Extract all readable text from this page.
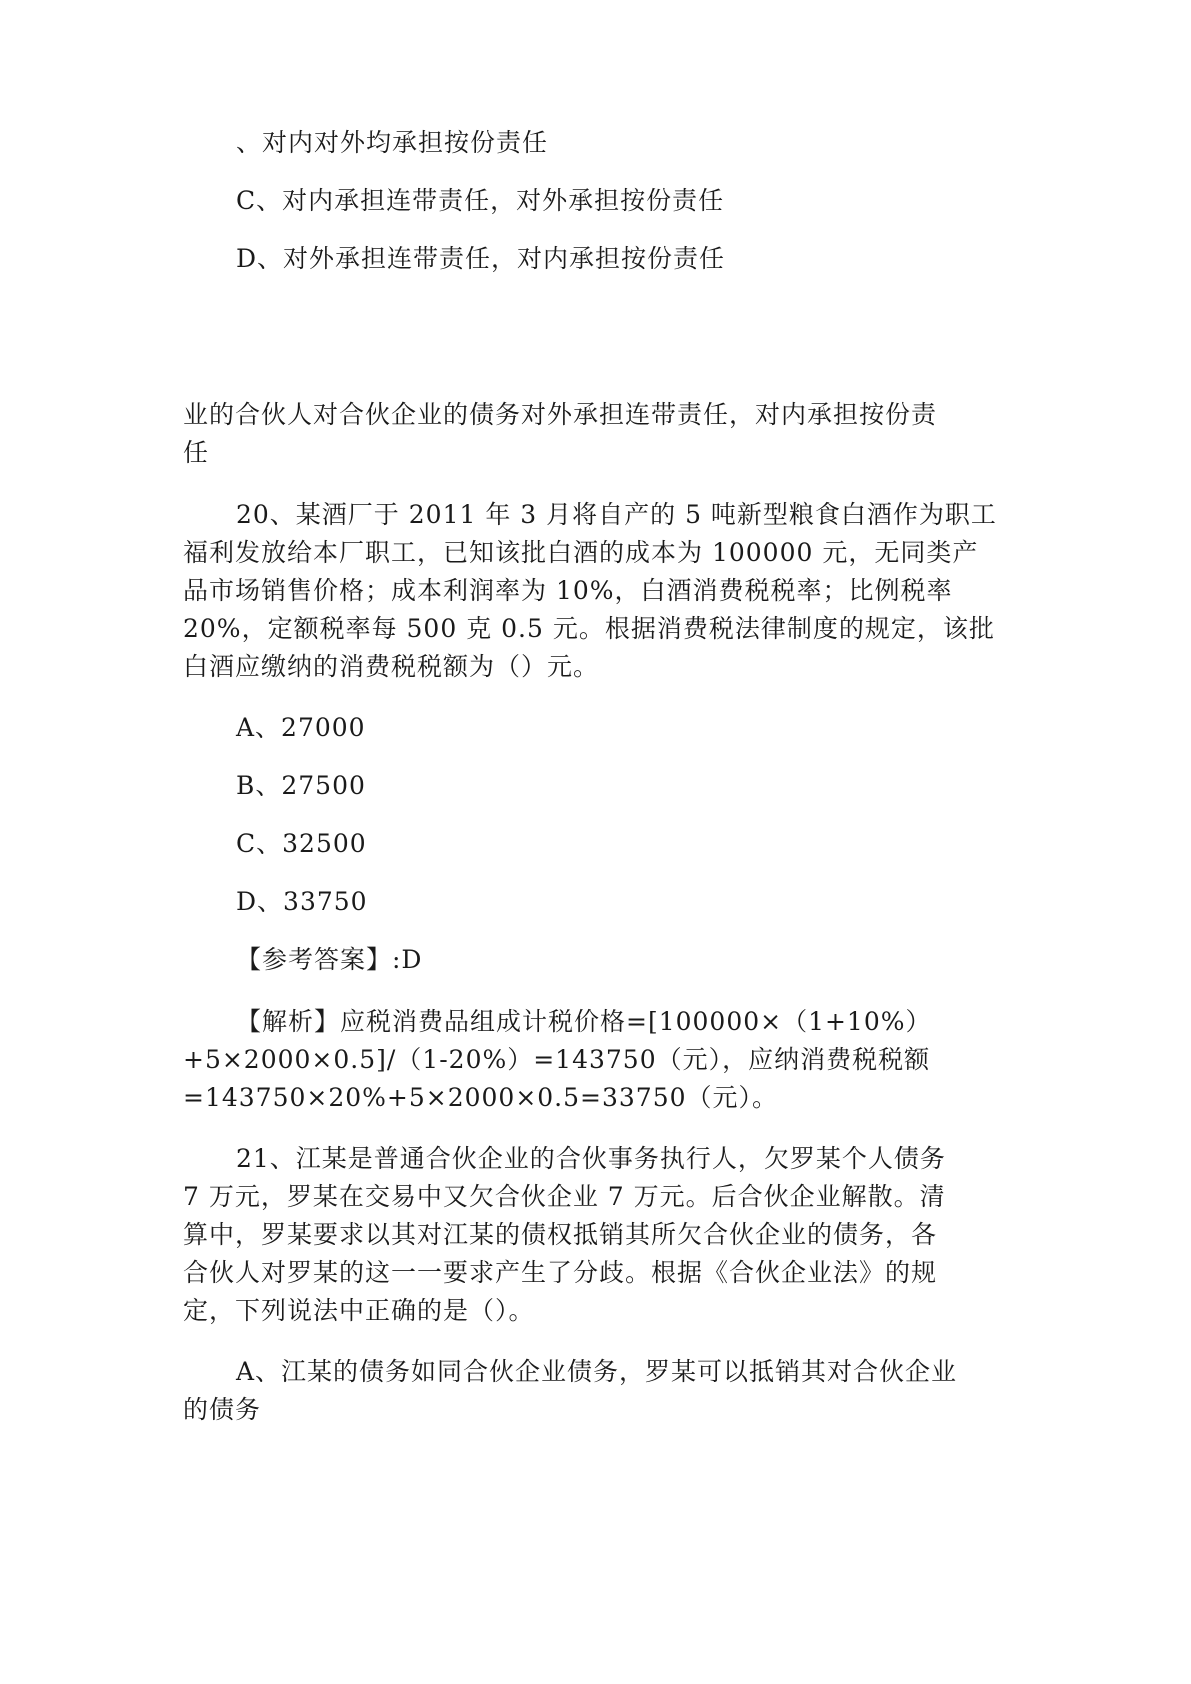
、对内对外均承担按份责任
C、对内承担连带责任，对外承担按份责任
D、对外承担连带责任，对内承担按份责任
业的合伙人对合伙企业的债务对外承担连带责任，对内承担按份责
任
20、某酒厂于 2011 年 3 月将自产的 5 吨新型粮食白酒作为职工
福利发放给本厂职工，已知该批白酒的成本为 100000 元，无同类产
品市场销售价格；成本利润率为 10%，白酒消费税税率；比例税率
20%，定额税率每 500 克 0.5 元。根据消费税法律制度的规定，该批
白酒应缴纳的消费税税额为（）元。
A、27000
B、27500
C、32500
D、33750
【参考答案】:D
【解析】应税消费品组成计税价格=[100000×（1+10%）
+5×2000×0.5]/（1-20%）=143750（元），应纳消费税税额
=143750×20%+5×2000×0.5=33750（元）。
21、江某是普通合伙企业的合伙事务执行人，欠罗某个人债务
7 万元，罗某在交易中又欠合伙企业 7 万元。后合伙企业解散。清
算中，罗某要求以其对江某的债权抵销其所欠合伙企业的债务，各
合伙人对罗某的这一一要求产生了分歧。根据《合伙企业法》的规
定，下列说法中正确的是（）。
A、江某的债务如同合伙企业债务，罗某可以抵销其对合伙企业
的债务
